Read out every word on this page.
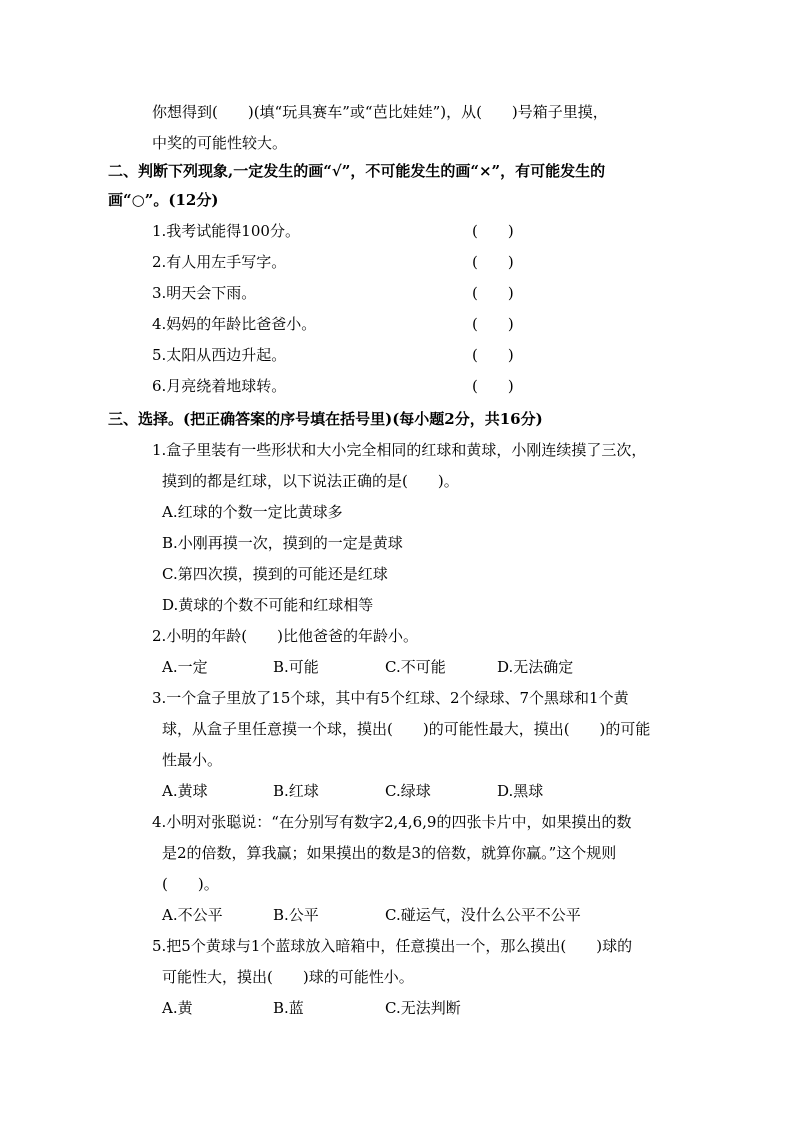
你想得到(　　)(填“玩具赛车”或“芭比娃娃”)，从(　　)号箱子里摸，
中奖的可能性较大。
二、判断下列现象,一定发生的画“√”，不可能发生的画“×”，有可能发生的
画“○”。(12分)
1.我考试能得100分。	(　　)
2.有人用左手写字。	(　　)
3.明天会下雨。	(　　)
4.妈妈的年龄比爸爸小。	(　　)
5.太阳从西边升起。	(　　)
6.月亮绕着地球转。	(　　)
三、选择。(把正确答案的序号填在括号里)(每小题2分，共16分)
1.盒子里装有一些形状和大小完全相同的红球和黄球，小刚连续摸了三次，
摸到的都是红球，以下说法正确的是(　　)。
A.红球的个数一定比黄球多
B.小刚再摸一次，摸到的一定是黄球
C.第四次摸，摸到的可能还是红球
D.黄球的个数不可能和红球相等
2.小明的年龄(　　)比他爸爸的年龄小。
A.一定	B.可能	C.不可能	D.无法确定
3.一个盒子里放了15个球，其中有5个红球、2个绿球、7个黑球和1个黄
球，从盒子里任意摸一个球，摸出(　　)的可能性最大，摸出(　　)的可能
性最小。
A.黄球	B.红球	C.绿球	D.黑球
4.小明对张聪说：“在分别写有数字2,4,6,9的四张卡片中，如果摸出的数
是2的倍数，算我赢；如果摸出的数是3的倍数，就算你赢。”这个规则
(　　)。
A.不公平	B.公平	C.碰运气，没什么公平不公平
5.把5个黄球与1个蓝球放入暗箱中，任意摸出一个，那么摸出(　　)球的
可能性大，摸出(　　)球的可能性小。
A.黄	B.蓝	C.无法判断
